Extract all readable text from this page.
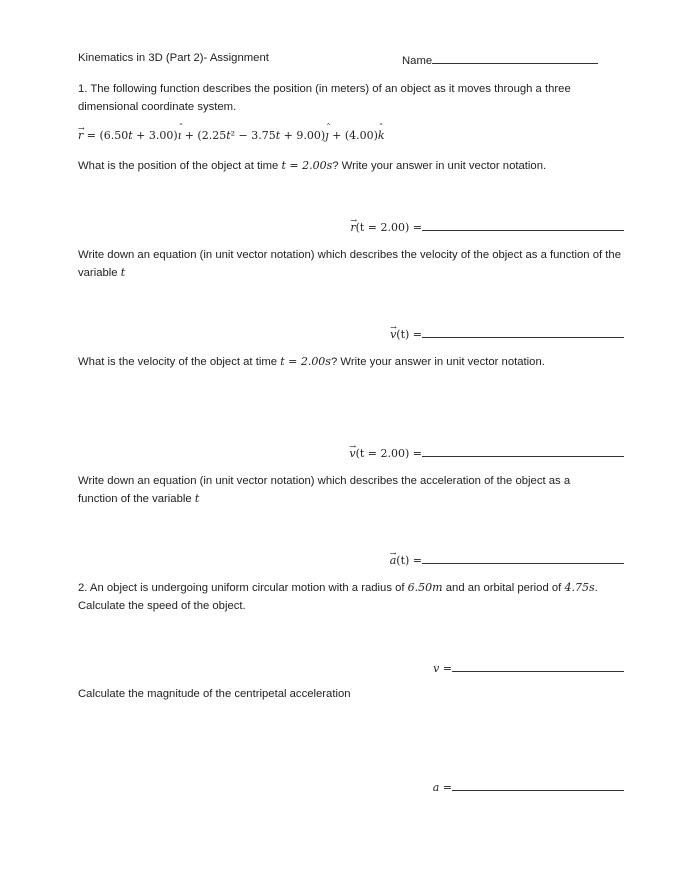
Kinematics in 3D (Part 2)- Assignment	Name
1. The following function describes the position (in meters) of an object as it moves through a three dimensional coordinate system.
→ r = (6.50t + 3.00)ˆ ı + (2.25t² − 3.75t + 9.00)ˆ ȷ + (4.00)ˆ k
What is the position of the object at time t = 2.00s? Write your answer in unit vector notation.
→ r(t = 2.00) =
Write down an equation (in unit vector notation) which describes the velocity of the object as a function of the variable t
→ v(t) =
What is the velocity of the object at time t = 2.00s? Write your answer in unit vector notation.
→ v(t = 2.00) =
Write down an equation (in unit vector notation) which describes the acceleration of the object as a function of the variable t
→ a(t) =
2. An object is undergoing uniform circular motion with a radius of 6.50m and an orbital period of 4.75s. Calculate the speed of the object.
v =
Calculate the magnitude of the centripetal acceleration
a =
